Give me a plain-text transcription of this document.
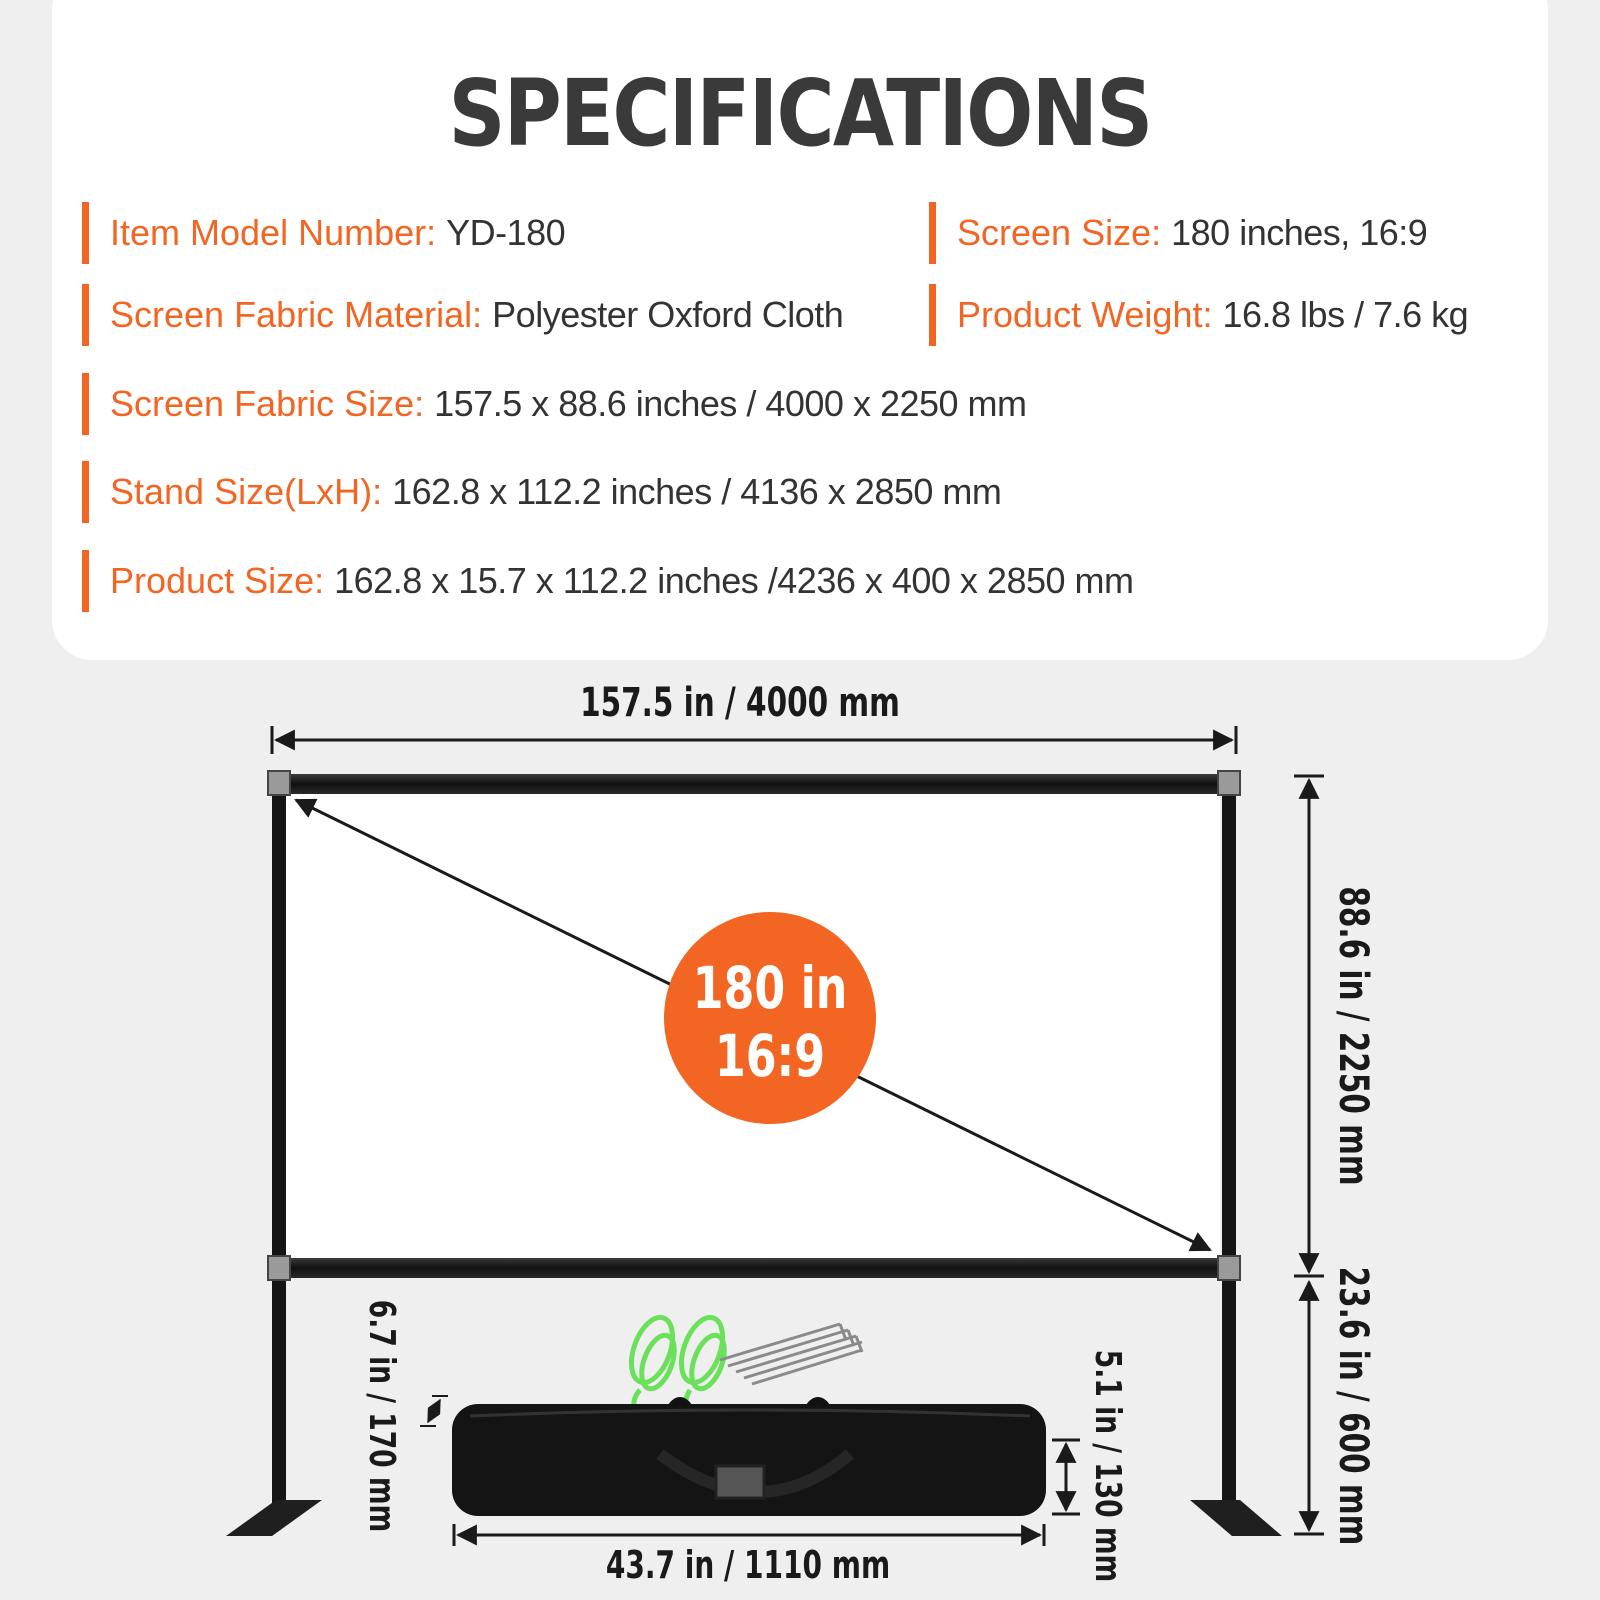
SPECIFICATIONS
Item Model Number: YD-180	Screen Size: 180 inches, 16:9
Screen Fabric Material: Polyester Oxford Cloth	Product Weight: 16.8 lbs / 7.6 kg
Screen Fabric Size: 157.5 x 88.6 inches / 4000 x 2250 mm
Stand Size(LxH): 162.8 x 112.2 inches / 4136 x 2850 mm
Product Size: 162.8 x 15.7 x 112.2 inches /4236 x 400 x 2850 mm
157.5 in / 4000 mm
180 in
16:9	88.6 in / 2250 mm
23.6 in / 600 mm
43.7 in / 1110 mm
6.7 in / 170 mm	5.1 in / 130 mm
